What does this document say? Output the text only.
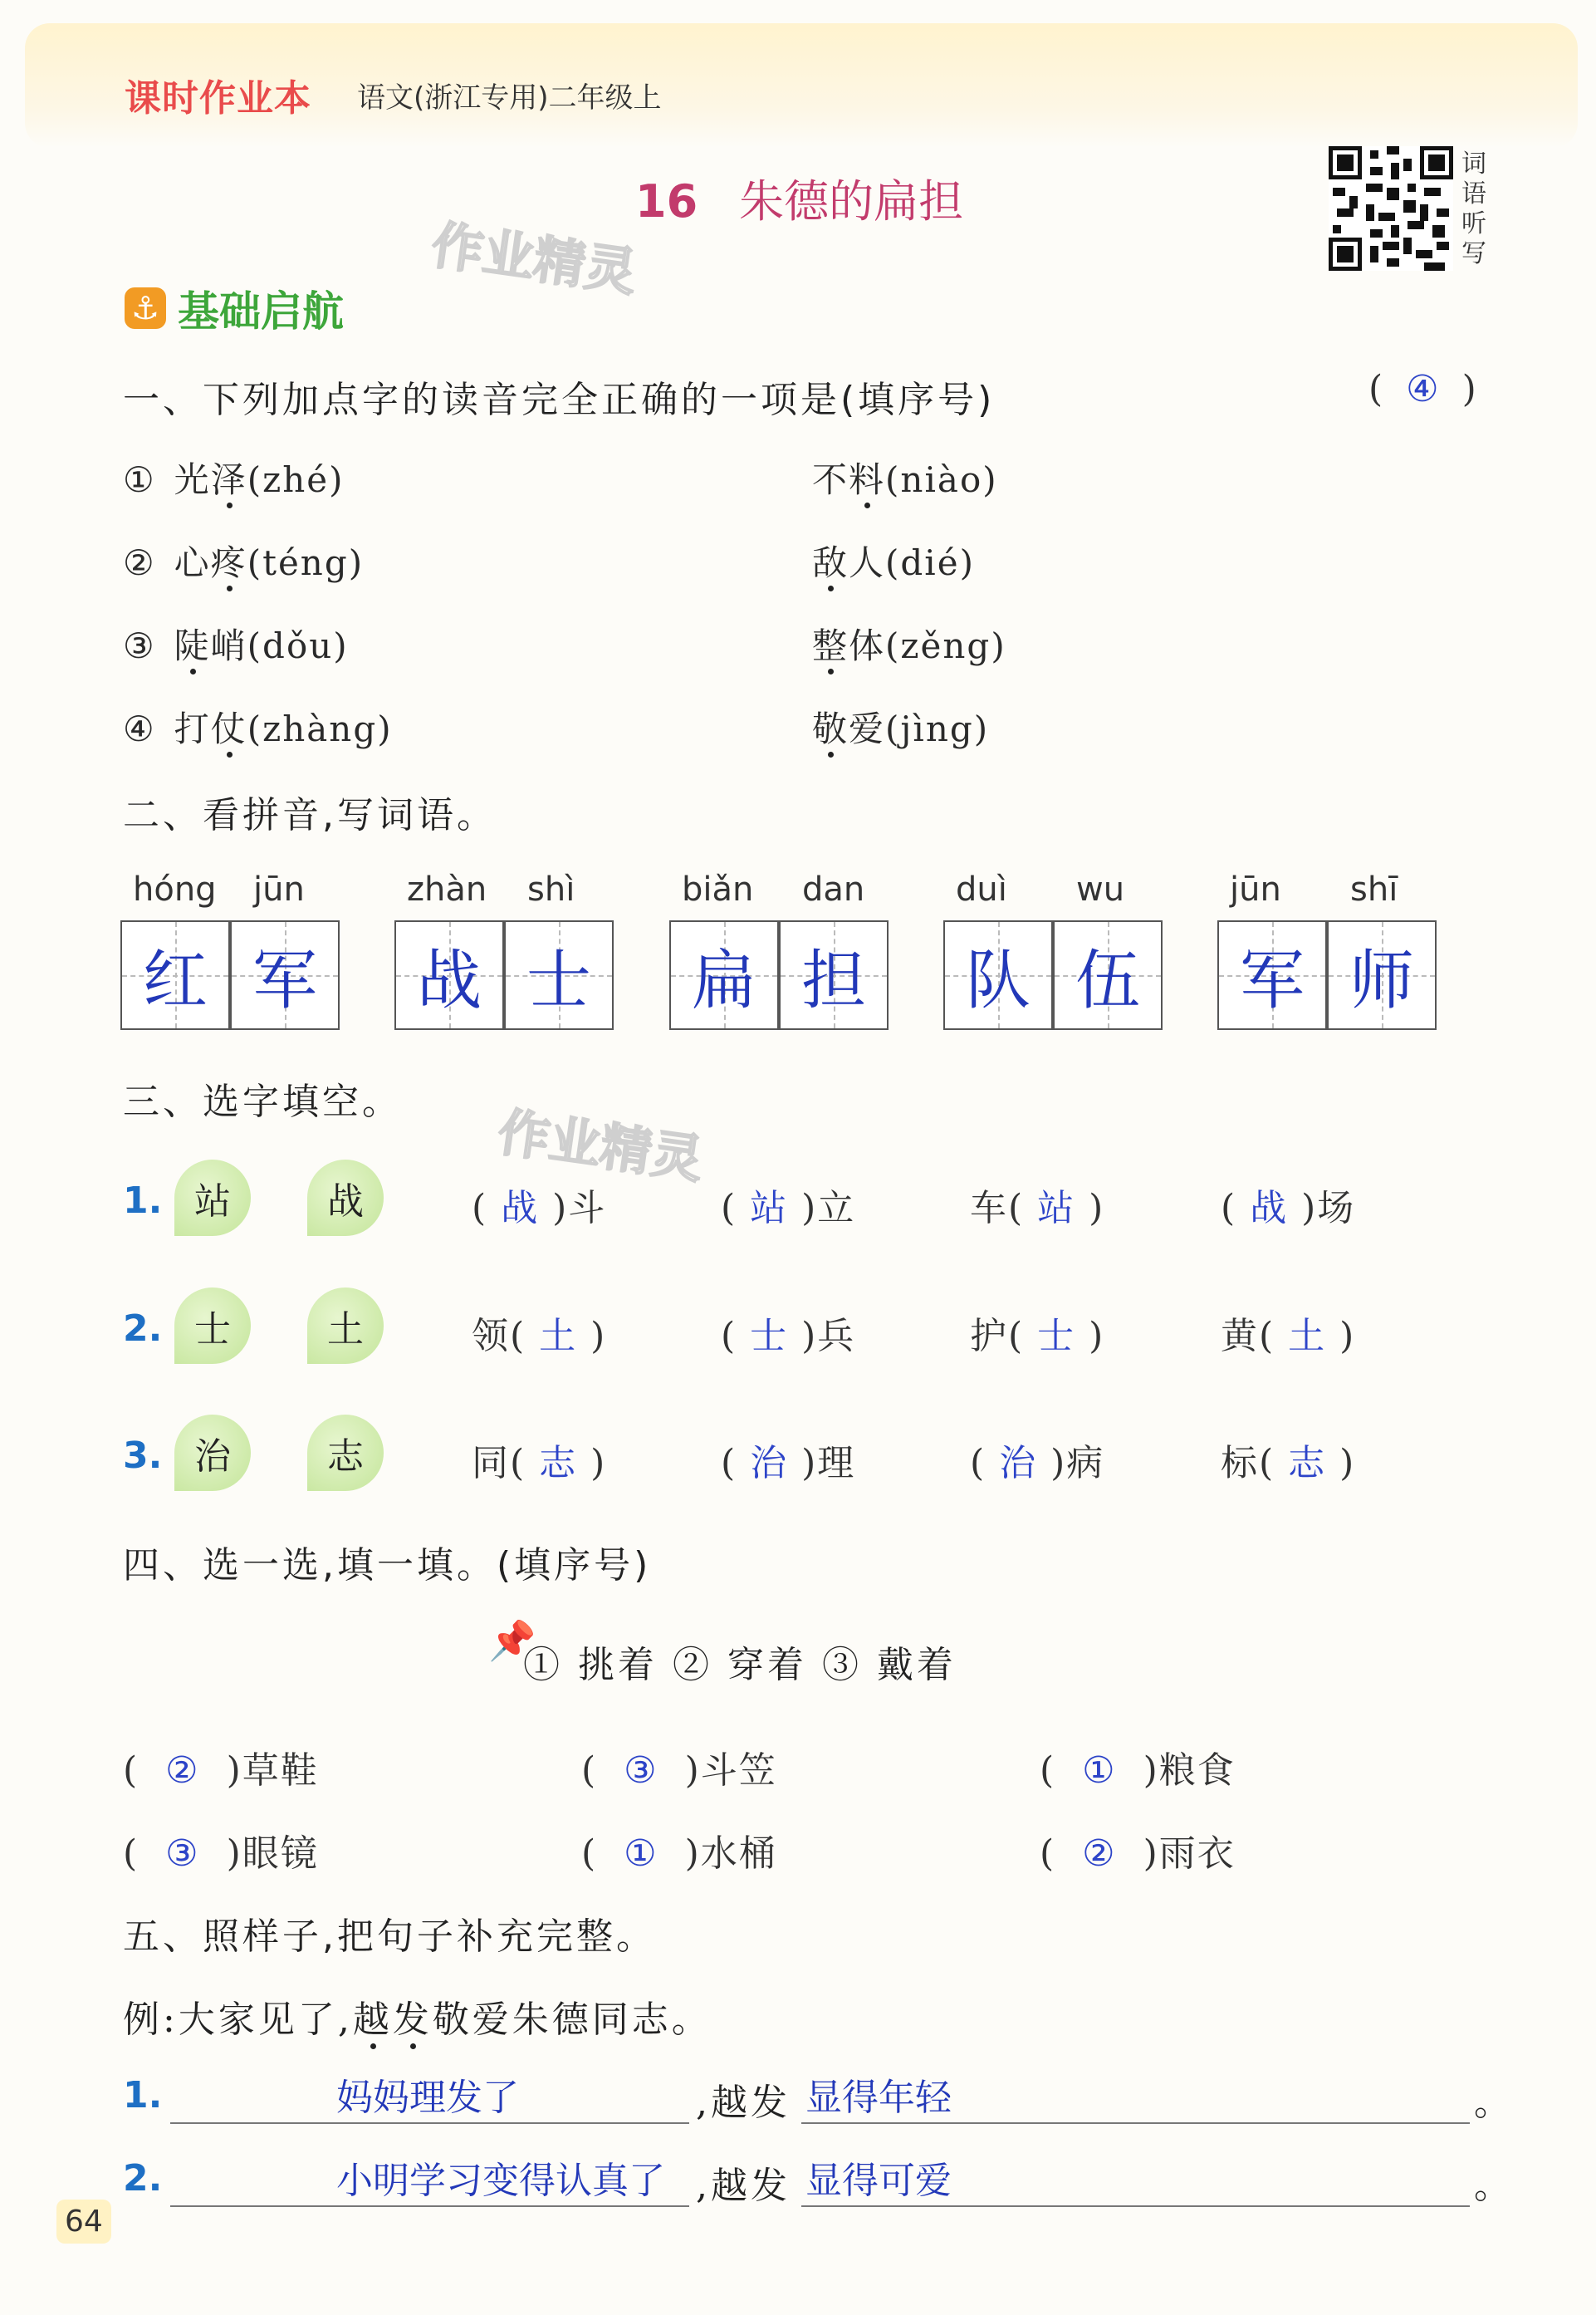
课时作业本 语文(浙江专用)二年级上
16 朱德的扁担
词语听写
作业精灵
作业精灵
⚓ 基础启航
一、下列加点字的读音完全正确的一项是(填序号)	(  ④  )
① 光泽(zhé)	不料(niào)
② 心疼(téng)	敌人(dié)
③ 陡峭(dǒu)	整体(zěng)
④ 打仗(zhàng)	敬爱(jìng)
二、看拼音,写词语。
hóng jūn
红 军
zhàn shì
战 士
biǎn dan
扁 担
duì wu
队 伍
jūn shī
军 师
三、选字填空。
1. 站	战	( 战 )斗	( 站 )立	车( 站 )	( 战 )场
2. 士	土	领( 土 )	( 士 )兵	护( 士 )	黄( 土 )
3. 治	志	同( 志 )	( 治 )理	( 治 )病	标( 志 )
四、选一选,填一填。(填序号)
📌
① 挑着 ② 穿着 ③ 戴着
(  ②  )草鞋	(  ③  )斗笠	(  ①  )粮食
(  ③  )眼镜	(  ①  )水桶	(  ②  )雨衣
五、照样子,把句子补充完整。
例:大家见了,越发敬爱朱德同志。
1.	妈妈理发了	,越发 显得年轻	。
2.	小明学习变得认真了 ,越发 显得可爱	。
64
